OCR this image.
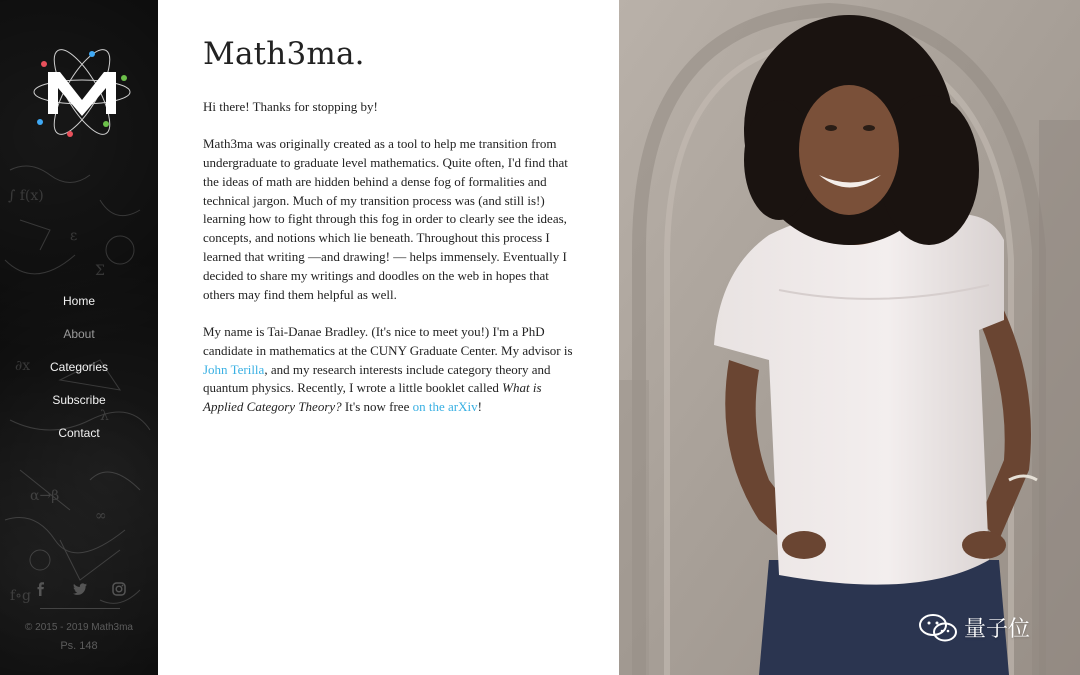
∫ f(x)
ε
Σ
∂x
λ
α→β
∞
f∘g
Home
About
Categories
Subscribe
Contact
© 2015 - 2019 Math3ma
Ps. 148
Math3ma.

Hi there! Thanks for stopping by!

Math3ma was originally created as a tool to help me transition from undergraduate to graduate level mathematics. Quite often, I'd find that the ideas of math are hidden behind a dense fog of formalities and technical jargon. Much of my transition process was (and still is!) learning how to fight through this fog in order to clearly see the ideas, concepts, and notions which lie beneath. Throughout this process I learned that writing —and drawing! — helps immensely. Eventually I decided to share my writings and doodles on the web in hopes that others may find them helpful as well.

My name is Tai-Danae Bradley. (It's nice to meet you!) I'm a PhD candidate in mathematics at the CUNY Graduate Center. My advisor is John Terilla, and my research interests include category theory and quantum physics. Recently, I wrote a little booklet called What is Applied Category Theory? It's now free on the arXiv!

量子位
